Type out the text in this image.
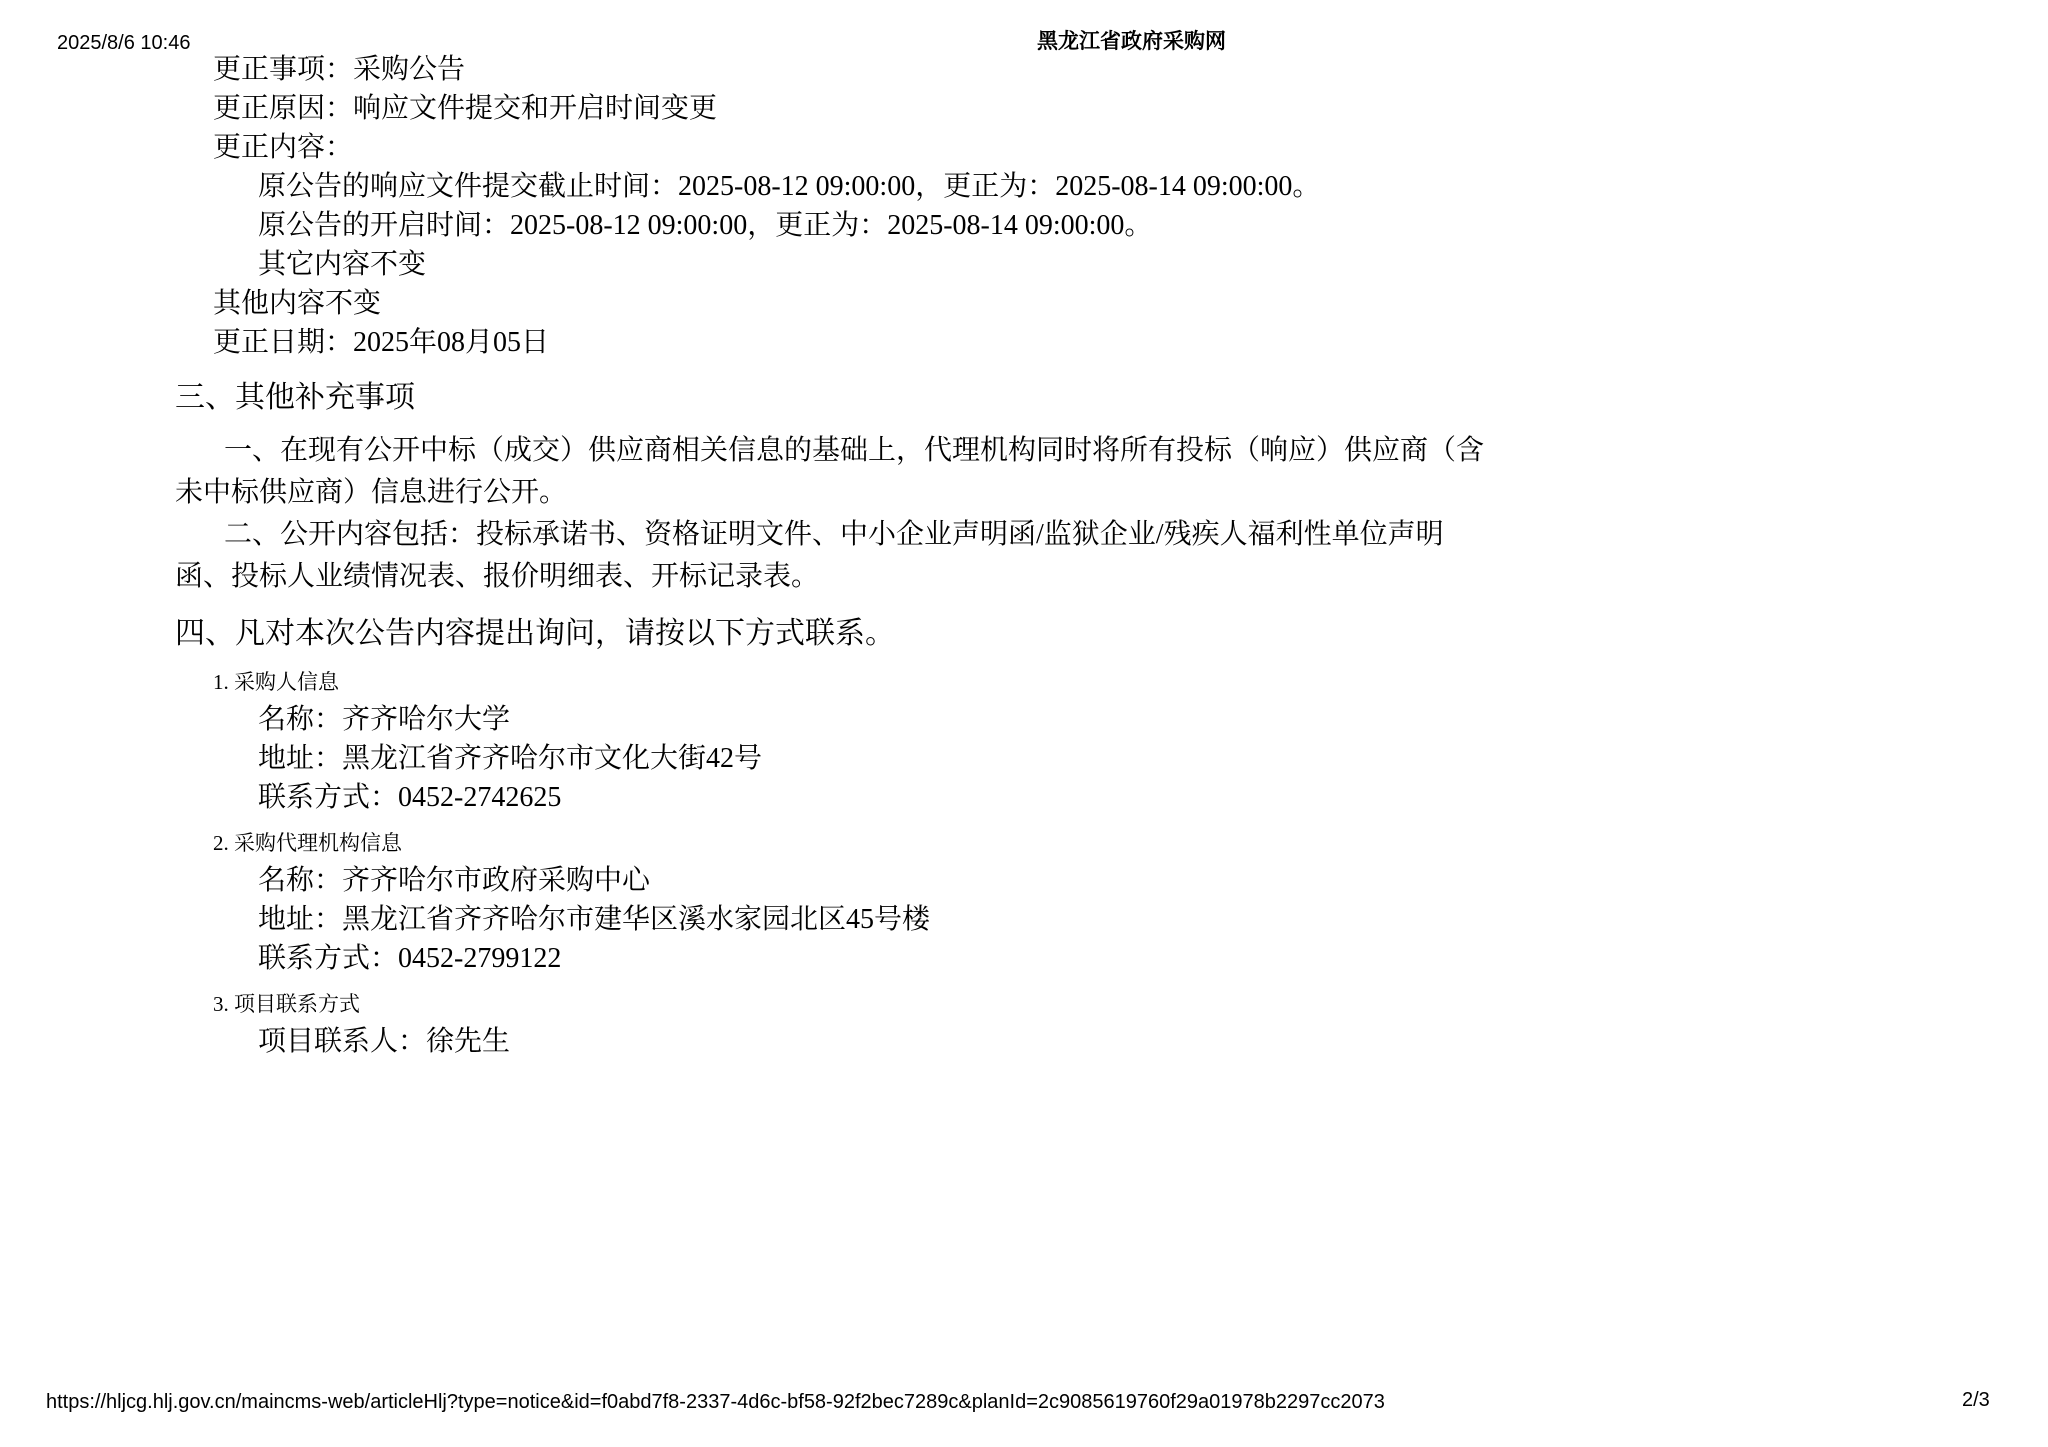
2025/8/6 10:46	黑龙江省政府采购网
更正事项：采购公告
更正原因：响应文件提交和开启时间变更
更正内容：
原公告的响应文件提交截止时间：2025-08-12 09:00:00，更正为：2025-08-14 09:00:00。
原公告的开启时间：2025-08-12 09:00:00，更正为：2025-08-14 09:00:00。
其它内容不变
其他内容不变
更正日期：2025年08月05日
三、其他补充事项
一、在现有公开中标（成交）供应商相关信息的基础上，代理机构同时将所有投标（响应）供应商（含
未中标供应商）信息进行公开。
二、公开内容包括：投标承诺书、资格证明文件、中小企业声明函/监狱企业/残疾人福利性单位声明
函、投标人业绩情况表、报价明细表、开标记录表。
四、凡对本次公告内容提出询问，请按以下方式联系。
1. 采购人信息
名称：齐齐哈尔大学
地址：黑龙江省齐齐哈尔市文化大街42号
联系方式：0452-2742625
2. 采购代理机构信息
名称：齐齐哈尔市政府采购中心
地址：黑龙江省齐齐哈尔市建华区溪水家园北区45号楼
联系方式：0452-2799122
3. 项目联系方式
项目联系人：徐先生
https://hljcg.hlj.gov.cn/maincms-web/articleHlj?type=notice&id=f0abd7f8-2337-4d6c-bf58-92f2bec7289c&planId=2c9085619760f29a01978b2297cc2073	2/3
